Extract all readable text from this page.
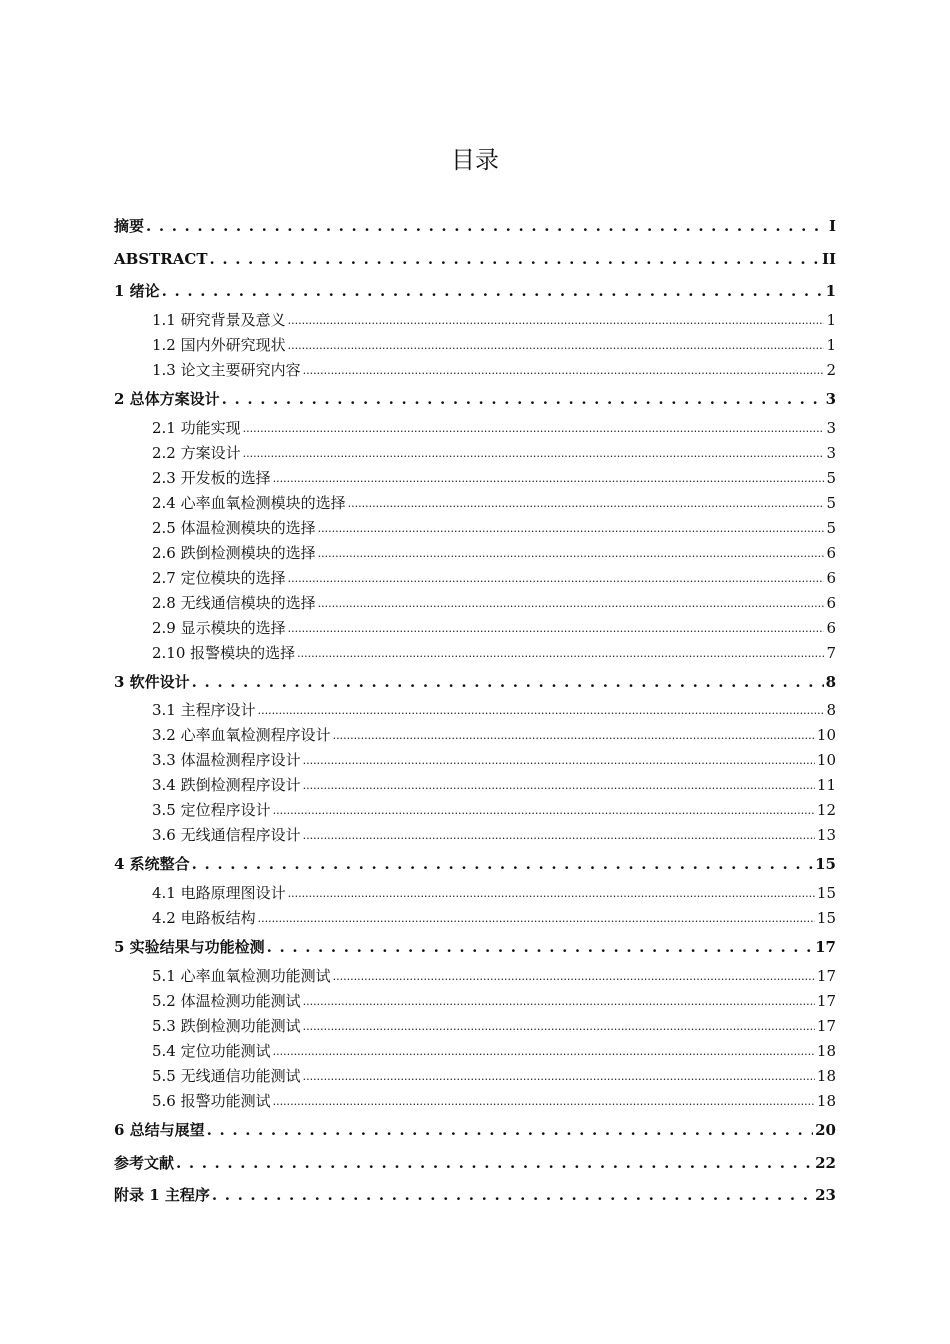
目录
摘要 . . .	I
ABSTRACT . . .	II
1 绪论 . . .	1
1.1 研究背景及意义 .....	1
1.2 国内外研究现状 .....	1
1.3 论文主要研究内容 .....	2
2 总体方案设计 . . .	3
2.1 功能实现 .....	3
2.2 方案设计 .....	3
2.3 开发板的选择 .....	5
2.4 心率血氧检测模块的选择 .....	5
2.5 体温检测模块的选择 .....	5
2.6 跌倒检测模块的选择 .....	6
2.7 定位模块的选择 .....	6
2.8 无线通信模块的选择 .....	6
2.9 显示模块的选择 .....	6
2.10 报警模块的选择 .....	7
3 软件设计 . . .	8
3.1 主程序设计 .....	8
3.2 心率血氧检测程序设计 .....	10
3.3 体温检测程序设计 .....	10
3.4 跌倒检测程序设计 .....	11
3.5 定位程序设计 .....	12
3.6 无线通信程序设计 .....	13
4 系统整合 . . .	15
4.1 电路原理图设计 .....	15
4.2 电路板结构 .....	15
5 实验结果与功能检测 . . .	17
5.1 心率血氧检测功能测试 .....	17
5.2 体温检测功能测试 .....	17
5.3 跌倒检测功能测试 .....	17
5.4 定位功能测试 .....	18
5.5 无线通信功能测试 .....	18
5.6 报警功能测试 .....	18
6 总结与展望 . . .	20
参考文献 . . .	22
附录 1 主程序 . . .	23
